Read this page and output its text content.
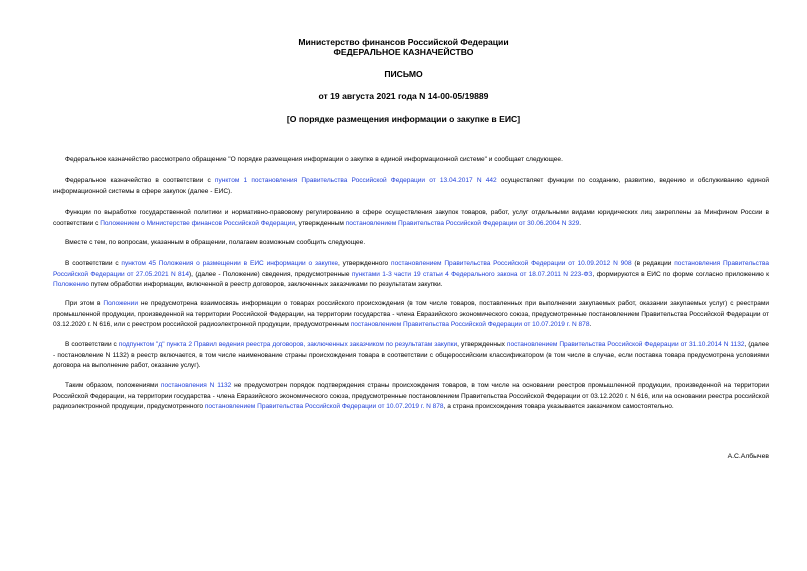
Министерство финансов Российской Федерации
ФЕДЕРАЛЬНОЕ КАЗНАЧЕЙСТВО
ПИСЬМО
от 19 августа 2021 года N 14-00-05/19889
[О порядке размещения информации о закупке в ЕИС]
Федеральное казначейство рассмотрело обращение "О порядке размещения информации о закупке в единой информационной системе" и сообщает следующее.
Федеральное казначейство в соответствии с пунктом 1 постановления Правительства Российской Федерации от 13.04.2017 N 442 осуществляет функции по созданию, развитию, ведению и обслуживанию единой информационной системы в сфере закупок (далее - ЕИС).
Функции по выработке государственной политики и нормативно-правовому регулированию в сфере осуществления закупок товаров, работ, услуг отдельными видами юридических лиц закреплены за Минфином России в соответствии с Положением о Министерстве финансов Российской Федерации, утвержденным постановлением Правительства Российской Федерации от 30.06.2004 N 329.
Вместе с тем, по вопросам, указанным в обращении, полагаем возможным сообщить следующее.
В соответствии с пунктом 45 Положения о размещении в ЕИС информации о закупке, утвержденного постановлением Правительства Российской Федерации от 10.09.2012 N 908 (в редакции постановления Правительства Российской Федерации от 27.05.2021 N 814), (далее - Положение) сведения, предусмотренные пунктами 1-3 части 19 статьи 4 Федерального закона от 18.07.2011 N 223-ФЗ, формируются в ЕИС по форме согласно приложению к Положению путем обработки информации, включенной в реестр договоров, заключенных заказчиками по результатам закупки.
При этом в Положении не предусмотрена взаимосвязь информации о товарах российского происхождения (в том числе товаров, поставленных при выполнении закупаемых работ, оказании закупаемых услуг) с реестрами промышленной продукции, произведенной на территории Российской Федерации, на территории государства - члена Евразийского экономического союза, предусмотренные постановлением Правительства Российской Федерации от 03.12.2020 г. N 616, или с реестром российской радиоэлектронной продукции, предусмотренным постановлением Правительства Российской Федерации от 10.07.2019 г. N 878.
В соответствии с подпунктом "д" пункта 2 Правил ведения реестра договоров, заключенных заказчиком по результатам закупки, утвержденных постановлением Правительства Российской Федерации от 31.10.2014 N 1132, (далее - постановление N 1132) в реестр включается, в том числе наименование страны происхождения товара в соответствии с общероссийским классификатором (в том числе в случае, если поставка товара предусмотрена условиями договора на выполнение работ, оказание услуг).
Таким образом, положениями постановления N 1132 не предусмотрен порядок подтверждения страны происхождения товаров, в том числе на основании реестров промышленной продукции, произведенной на территории Российской Федерации, на территории государства - члена Евразийского экономического союза, предусмотренные постановлением Правительства Российской Федерации от 03.12.2020 г. N 616, или на основании реестра российской радиоэлектронной продукции, предусмотренного постановлением Правительства Российской Федерации от 10.07.2019 г. N 878, а страна происхождения товара указывается заказчиком самостоятельно.
А.С.Албычев
